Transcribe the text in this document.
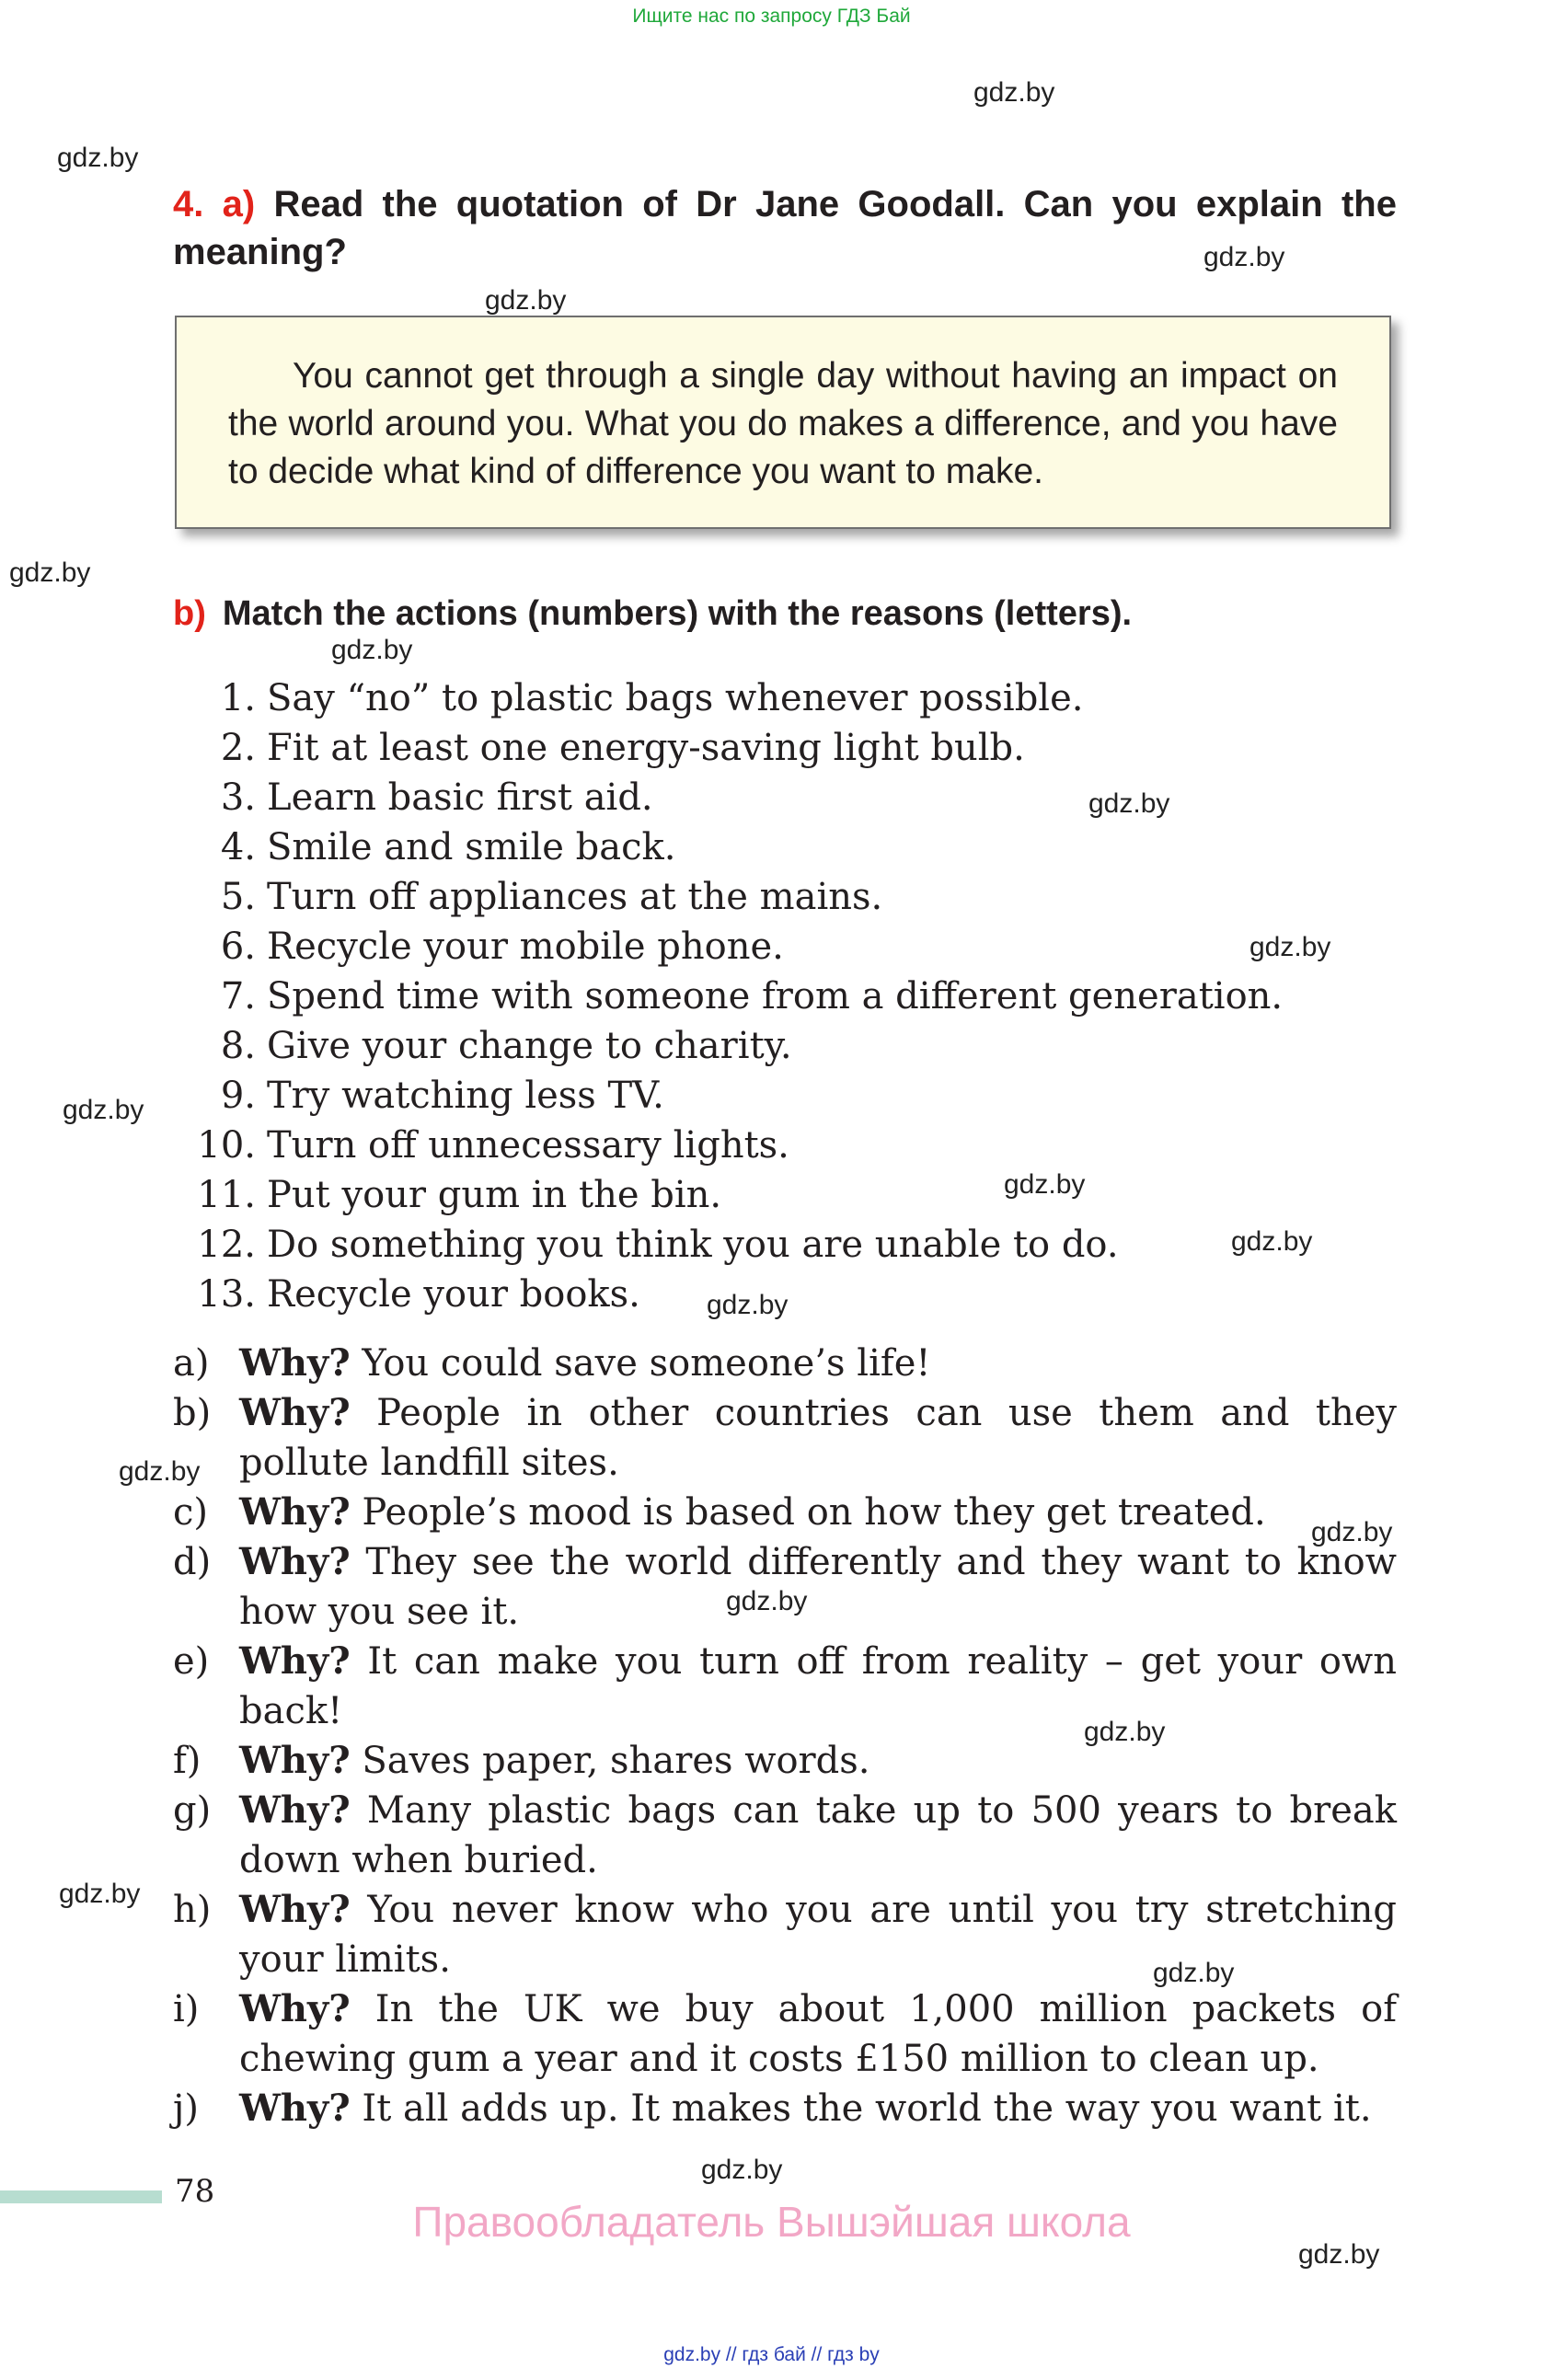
Ищите нас по запросу ГДЗ Бай
gdz.by
gdz.by
gdz.by
gdz.by
gdz.by
gdz.by
gdz.by
gdz.by
gdz.by
gdz.by
gdz.by
gdz.by
gdz.by
gdz.by
gdz.by
gdz.by
gdz.by
gdz.by
gdz.by
gdz.by
4. a) Read the quotation of Dr Jane Goodall. Can you explain the meaning?
You cannot get through a single day without having an impact on the world around you. What you do makes a difference, and you have to decide what kind of difference you want to make.
b) Match the actions (numbers) with the reasons (letters).
1. Say “no” to plastic bags whenever possible.
2. Fit at least one energy-saving light bulb.
3. Learn basic first aid.
4. Smile and smile back.
5. Turn off appliances at the mains.
6. Recycle your mobile phone.
7. Spend time with someone from a different generation.
8. Give your change to charity.
9. Try watching less TV.
10. Turn off unnecessary lights.
11. Put your gum in the bin.
12. Do something you think you are unable to do.
13. Recycle your books.
a) Why? You could save someone’s life!
b) Why? People in other countries can use them and they pollute landfill sites.
c) Why? People’s mood is based on how they get treated.
d) Why? They see the world differently and they want to know how you see it.
e) Why? It can make you turn off from reality – get your own back!
f)	Why? Saves paper, shares words.
g) Why? Many plastic bags can take up to 500 years to break down when buried.
h) Why? You never know who you are until you try stretching your limits.
i)	Why? In the UK we buy about 1,000 million packets of chewing gum a year and it costs £150 million to clean up.
j)	Why? It all adds up. It makes the world the way you want it.
78
Правообладатель Вышэйшая школа
gdz.by // гдз бай // гдз by
